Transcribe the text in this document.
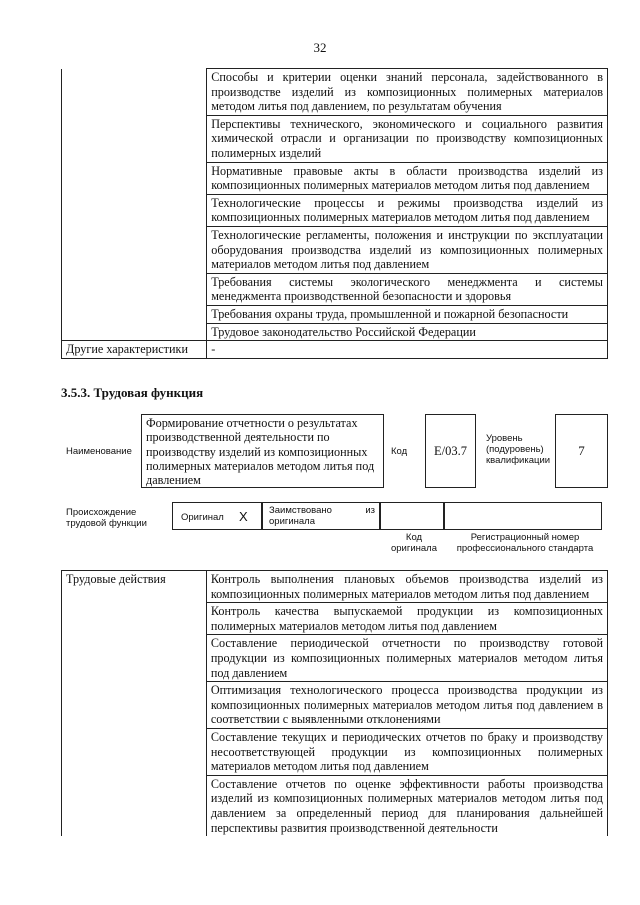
32
	Способы и критерии оценки знаний персонала, задействованного в производстве изделий из композиционных полимерных материалов методом литья под давлением, по результатам обучения
	Перспективы технического, экономического и социального развития химической отрасли и организации по производству композиционных полимерных изделий
	Нормативные правовые акты в области производства изделий из композиционных полимерных материалов методом литья под давлением
	Технологические процессы и режимы производства изделий из композиционных полимерных материалов методом литья под давлением
	Технологические регламенты, положения и инструкции по эксплуатации оборудования производства изделий из композиционных полимерных материалов методом литья под давлением
	Требования системы экологического менеджмента и системы менеджмента производственной безопасности и здоровья
	Требования охраны труда, промышленной и пожарной безопасности
	Трудовое законодательство Российской Федерации
Другие характеристики	-
3.5.3. Трудовая функция
Наименование
Формирование отчетности о результатах производственной деятельности по производству изделий из композиционных полимерных материалов методом литья под давлением
Код	E/03.7
Уровень (подуровень) квалификации
7
Происхождение трудовой функции
Оригинал X Заимствовано из оригинала
Код оригинала
Регистрационный номер профессионального стандарта
Трудовые действия	Контроль выполнения плановых объемов производства изделий из композиционных полимерных материалов методом литья под давлением
Контроль качества выпускаемой продукции из композиционных полимерных материалов методом литья под давлением
Составление периодической отчетности по производству готовой продукции из композиционных полимерных материалов методом литья под давлением
Оптимизация технологического процесса производства продукции из композиционных полимерных материалов методом литья под давлением в соответствии с выявленными отклонениями
Составление текущих и периодических отчетов по браку и производству несоответствующей продукции из композиционных полимерных материалов методом литья под давлением
Составление отчетов по оценке эффективности работы производства изделий из композиционных полимерных материалов методом литья под давлением за определенный период для планирования дальнейшей перспективы развития производственной деятельности
